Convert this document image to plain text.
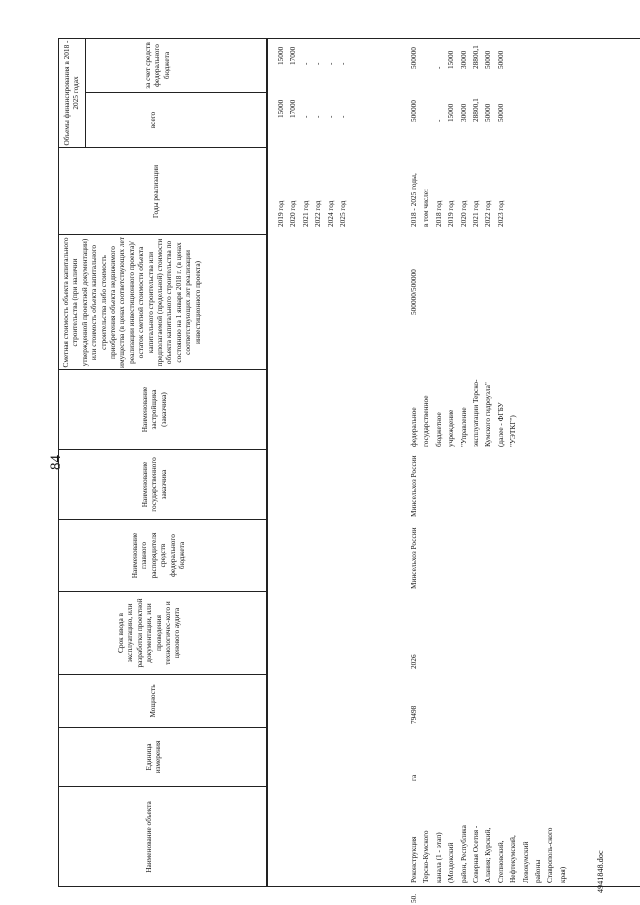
84
4941848.doc
Наименование объекта
Единица измерения
Мощность
Срок ввода в эксплуатацию, или разработки проектной документации, или проведения технологичес-кого и ценового аудита
Наименование главного распорядителя средств федерального бюджета
Наименование государственного заказчика
Наименование застройщика (заказчика)
Сметная стоимость объекта капитального строительства (при наличии утвержденной проектной документации) или стоимость объекта капитального строительства либо стоимость приобретения объекта недвижимого имущества (в ценах соответствующих лет реализации инвестиционного проекта)/остаток сметной стоимости объекта капитального строительства или предполагаемой (предельной) стоимости объекта капитального строительства по состоянию на 1 января 2018 г. (в ценах соответствующих лет реализации инвестиционного проекта)
Годы реализации
Объемы финансирования в 2018 - 2025 годах
всего
за счет средств федерального бюджета
2019 год 2020 год 2021 год 2022 год 2024 год 2025 год
15000 17000 - - - -
15000 17000 - - - -
50.
Реконструкция Терско-Кумского канала (1 - этап) (Моздокский район, Республика Северная Осетия - Алания; Курский, Степновский, Нефтекумский, Левокумский районы Ставрополь-ского края)
га
79498
2026
Минсельхоз России
Минсельхоз России
федеральное государственное бюджетное учреждение "Управление эксплуатации Терско-Кумского гидроузла" (далее - ФГБУ "УЭТКГ")
500000/500000
2018 - 2025 годы, в том числе: 2018 год 2019 год 2020 год 2021 год 2022 год 2023 год
500000
	- 15000 30000 28800,1 50000 50000
500000
	- 15000 30000 28800,1 50000 50000
